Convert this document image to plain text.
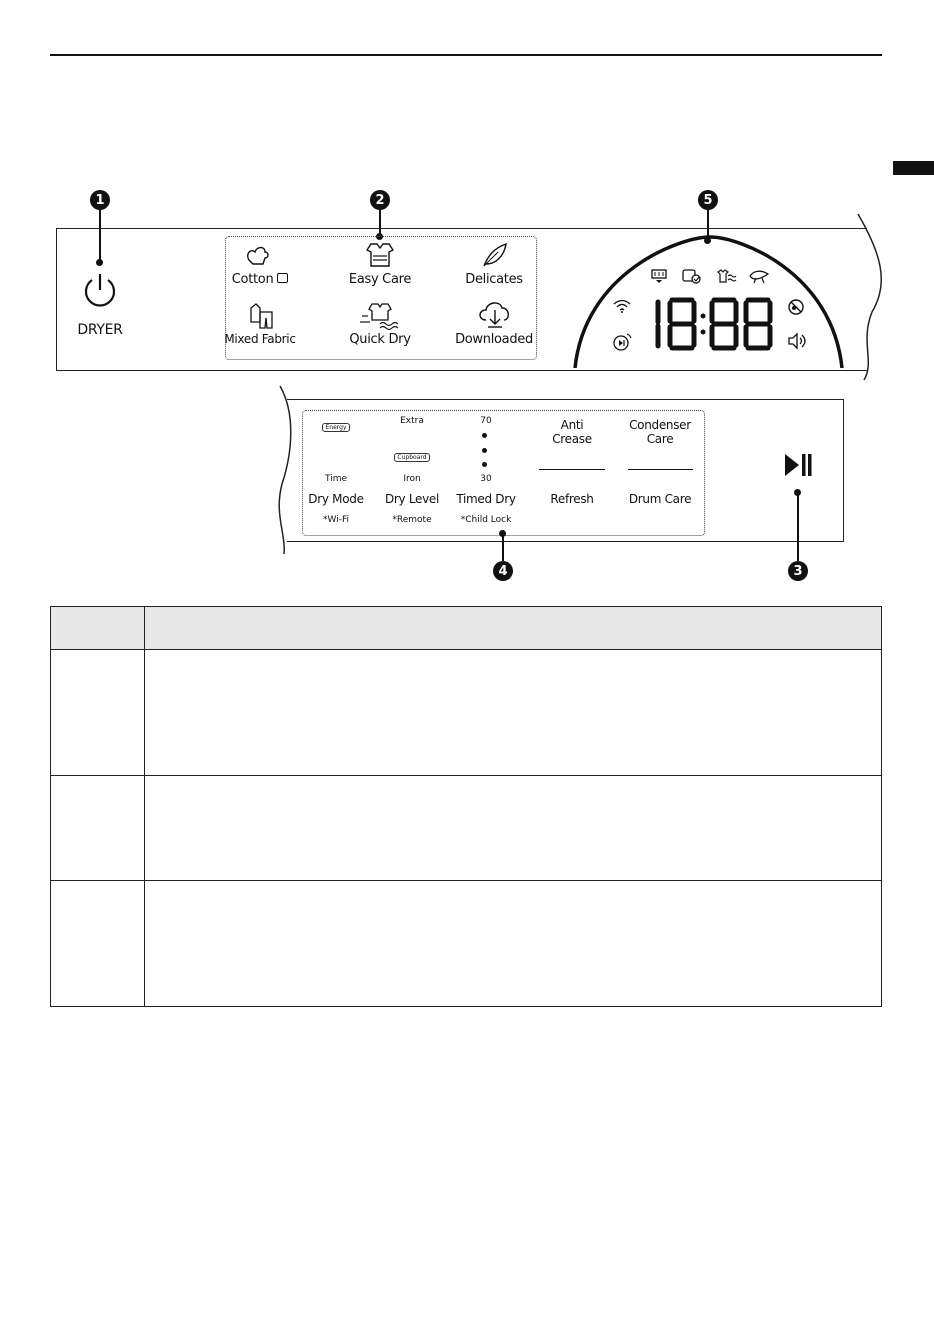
1	2	5
DRYER
Cotton	Easy Care	Delicates
Mixed Fabric	Quick Dry	Downloaded
Energy
Time
Dry Mode
*Wi-Fi
Extra
Cupboard
Iron
Dry Level
*Remote
70
30
Timed Dry
*Child Lock
Anti
Crease
Refresh
Condenser
Care
Drum Care
4	3
